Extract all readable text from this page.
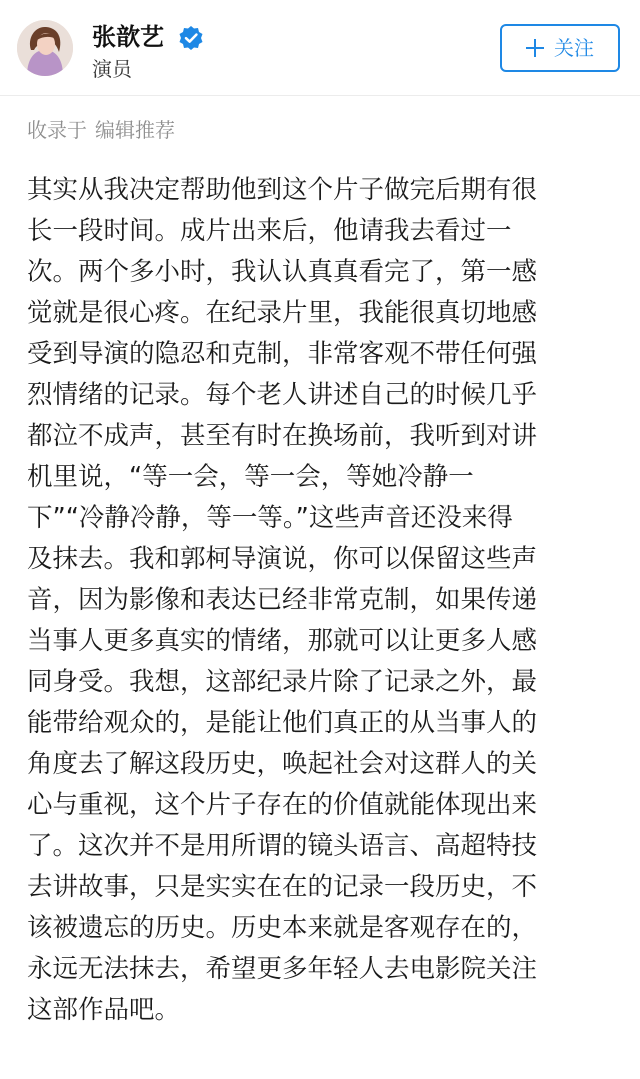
张歆艺
演员
关注
收录于 编辑推荐
其实从我决定帮助他到这个片子做完后期有很
长一段时间。成片出来后，他请我去看过一
次。两个多小时，我认认真真看完了，第一感
觉就是很心疼。在纪录片里，我能很真切地感
受到导演的隐忍和克制，非常客观不带任何强
烈情绪的记录。每个老人讲述自己的时候几乎
都泣不成声，甚至有时在换场前，我听到对讲
机里说，“等一会，等一会，等她冷静一
下”“冷静冷静，等一等。”这些声音还没来得
及抹去。我和郭柯导演说，你可以保留这些声
音，因为影像和表达已经非常克制，如果传递
当事人更多真实的情绪，那就可以让更多人感
同身受。我想，这部纪录片除了记录之外，最
能带给观众的，是能让他们真正的从当事人的
角度去了解这段历史，唤起社会对这群人的关
心与重视，这个片子存在的价值就能体现出来
了。这次并不是用所谓的镜头语言、高超特技
去讲故事，只是实实在在的记录一段历史，不
该被遗忘的历史。历史本来就是客观存在的，
永远无法抹去，希望更多年轻人去电影院关注
这部作品吧。
